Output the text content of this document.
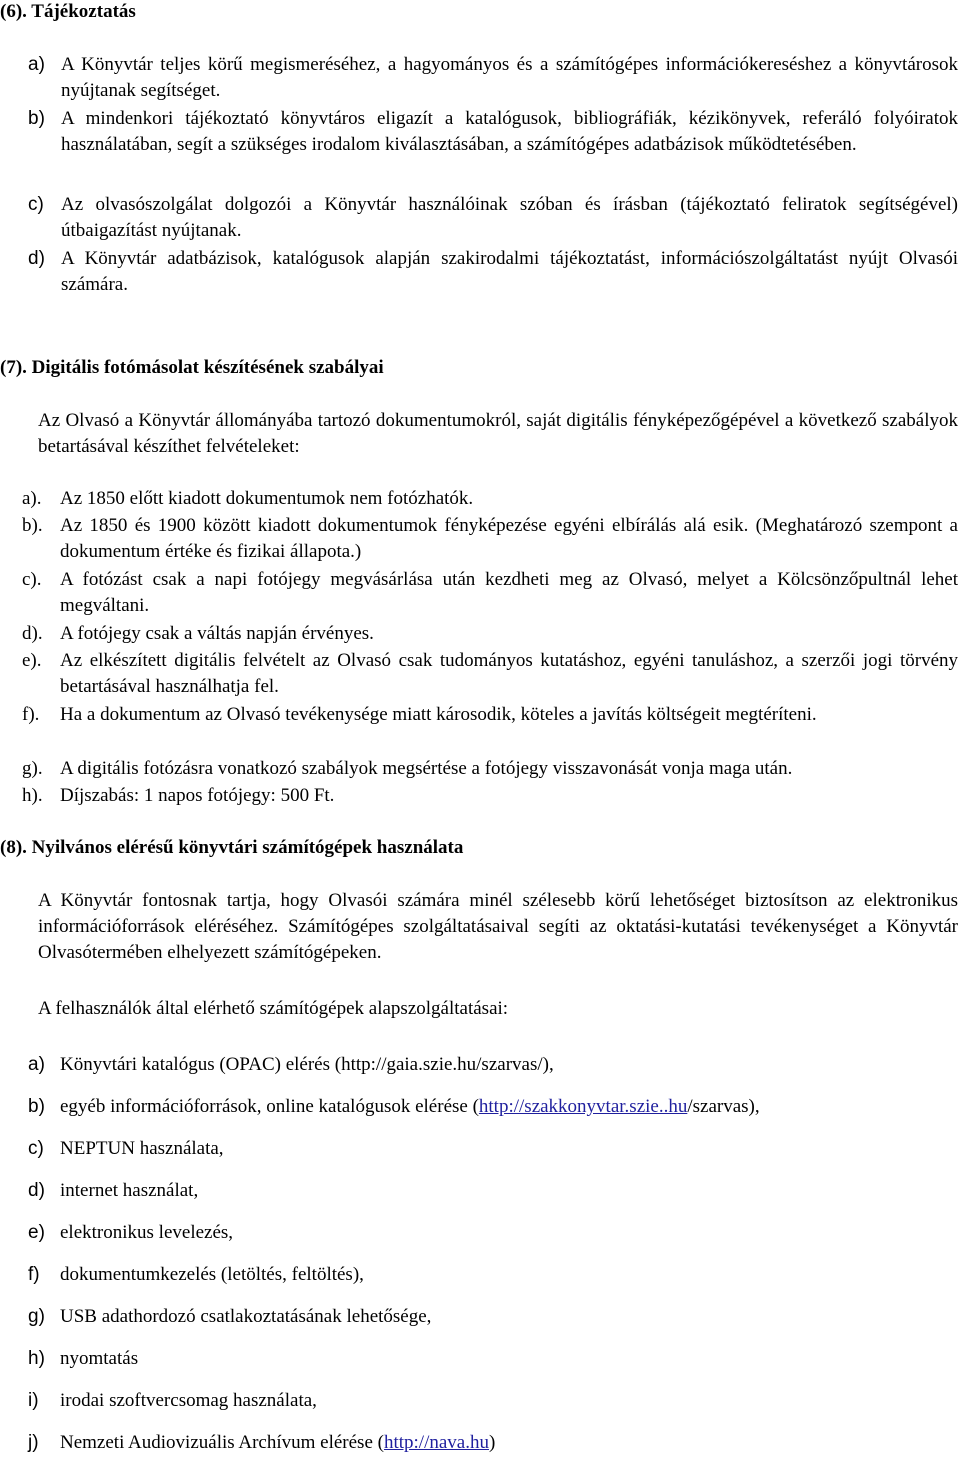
(6). Tájékoztatás
a) A Könyvtár teljes körű megismeréséhez, a hagyományos és a számítógépes információkereséshez a könyvtárosok nyújtanak segítséget.
b) A mindenkori tájékoztató könyvtáros eligazít a katalógusok, bibliográfiák, kézikönyvek, referáló folyóiratok használatában, segít a szükséges irodalom kiválasztásában, a számítógépes adatbázisok működtetésében.
c) Az olvasószolgálat dolgozói a Könyvtár használóinak szóban és írásban (tájékoztató feliratok segítségével) útbaigazítást nyújtanak.
d) A Könyvtár adatbázisok, katalógusok alapján szakirodalmi tájékoztatást, információszolgáltatást nyújt Olvasói számára.
(7). Digitális fotómásolat készítésének szabályai
Az Olvasó a Könyvtár állományába tartozó dokumentumokról, saját digitális fényképezőgépével a következő szabályok betartásával készíthet felvételeket:
a). Az 1850 előtt kiadott dokumentumok nem fotózhatók.
b). Az 1850 és 1900 között kiadott dokumentumok fényképezése egyéni elbírálás alá esik. (Meghatározó szempont a dokumentum értéke és fizikai állapota.)
c). A fotózást csak a napi fotójegy megvásárlása után kezdheti meg az Olvasó, melyet a Kölcsönzőpultnál lehet megváltani.
d). A fotójegy csak a váltás napján érvényes.
e). Az elkészített digitális felvételt az Olvasó csak tudományos kutatáshoz, egyéni tanuláshoz, a szerzői jogi törvény betartásával használhatja fel.
f).	Ha a dokumentum az Olvasó tevékenysége miatt károsodik, köteles a javítás költségeit megtéríteni.
g). A digitális fotózásra vonatkozó szabályok megsértése a fotójegy visszavonását vonja maga után.
h). Díjszabás: 1 napos fotójegy: 500 Ft.
(8). Nyilvános elérésű könyvtári számítógépek használata
A Könyvtár fontosnak tartja, hogy Olvasói számára minél szélesebb körű lehetőséget biztosítson az elektronikus információforrások eléréséhez. Számítógépes szolgáltatásaival segíti az oktatási-kutatási tevékenységet a Könyvtár Olvasótermében elhelyezett számítógépeken.
A felhasználók által elérhető számítógépek alapszolgáltatásai:
a) Könyvtári katalógus (OPAC) elérés (http://gaia.szie.hu/szarvas/),
b) egyéb információforrások, online katalógusok elérése ( http://szakkonyvtar.szie..hu /szarvas),
c) NEPTUN használata,
d) internet használat,
e) elektronikus levelezés,
f)	dokumentumkezelés (letöltés, feltöltés),
g) USB adathordozó csatlakoztatásának lehetősége,
h) nyomtatás
i)	irodai szoftvercsomag használata,
j)	Nemzeti Audiovizuális Archívum elérése ( http://nava.hu )
